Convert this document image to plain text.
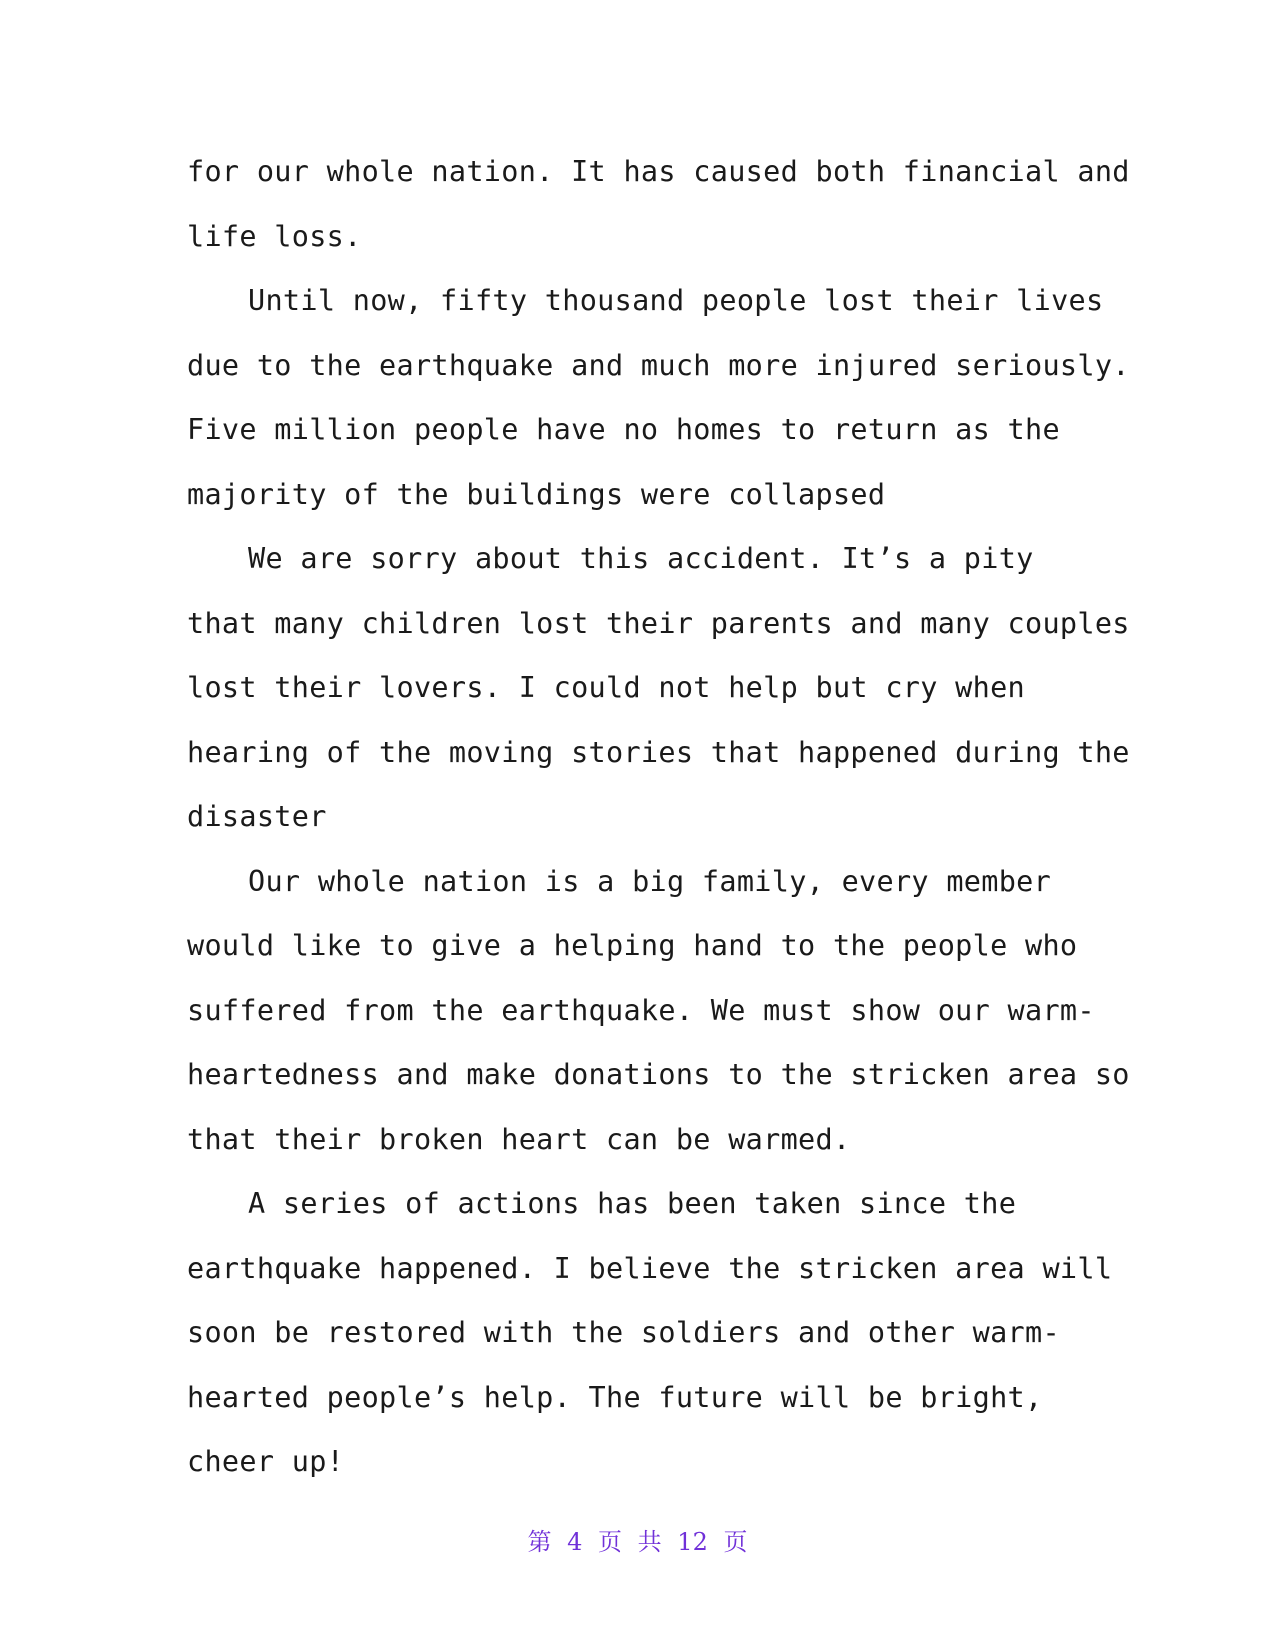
for our whole nation. It has caused both financial and
life loss.
Until now, fifty thousand people lost their lives
due to the earthquake and much more injured seriously.
Five million people have no homes to return as the
majority of the buildings were collapsed
We are sorry about this accident. It’s a pity
that many children lost their parents and many couples
lost their lovers. I could not help but cry when
hearing of the moving stories that happened during the
disaster
Our whole nation is a big family, every member
would like to give a helping hand to the people who
suffered from the earthquake. We must show our warm-
heartedness and make donations to the stricken area so
that their broken heart can be warmed.
A series of actions has been taken since the
earthquake happened. I believe the stricken area will
soon be restored with the soldiers and other warm-
hearted people’s help. The future will be bright,
cheer up!
第 4 页 共 12 页
